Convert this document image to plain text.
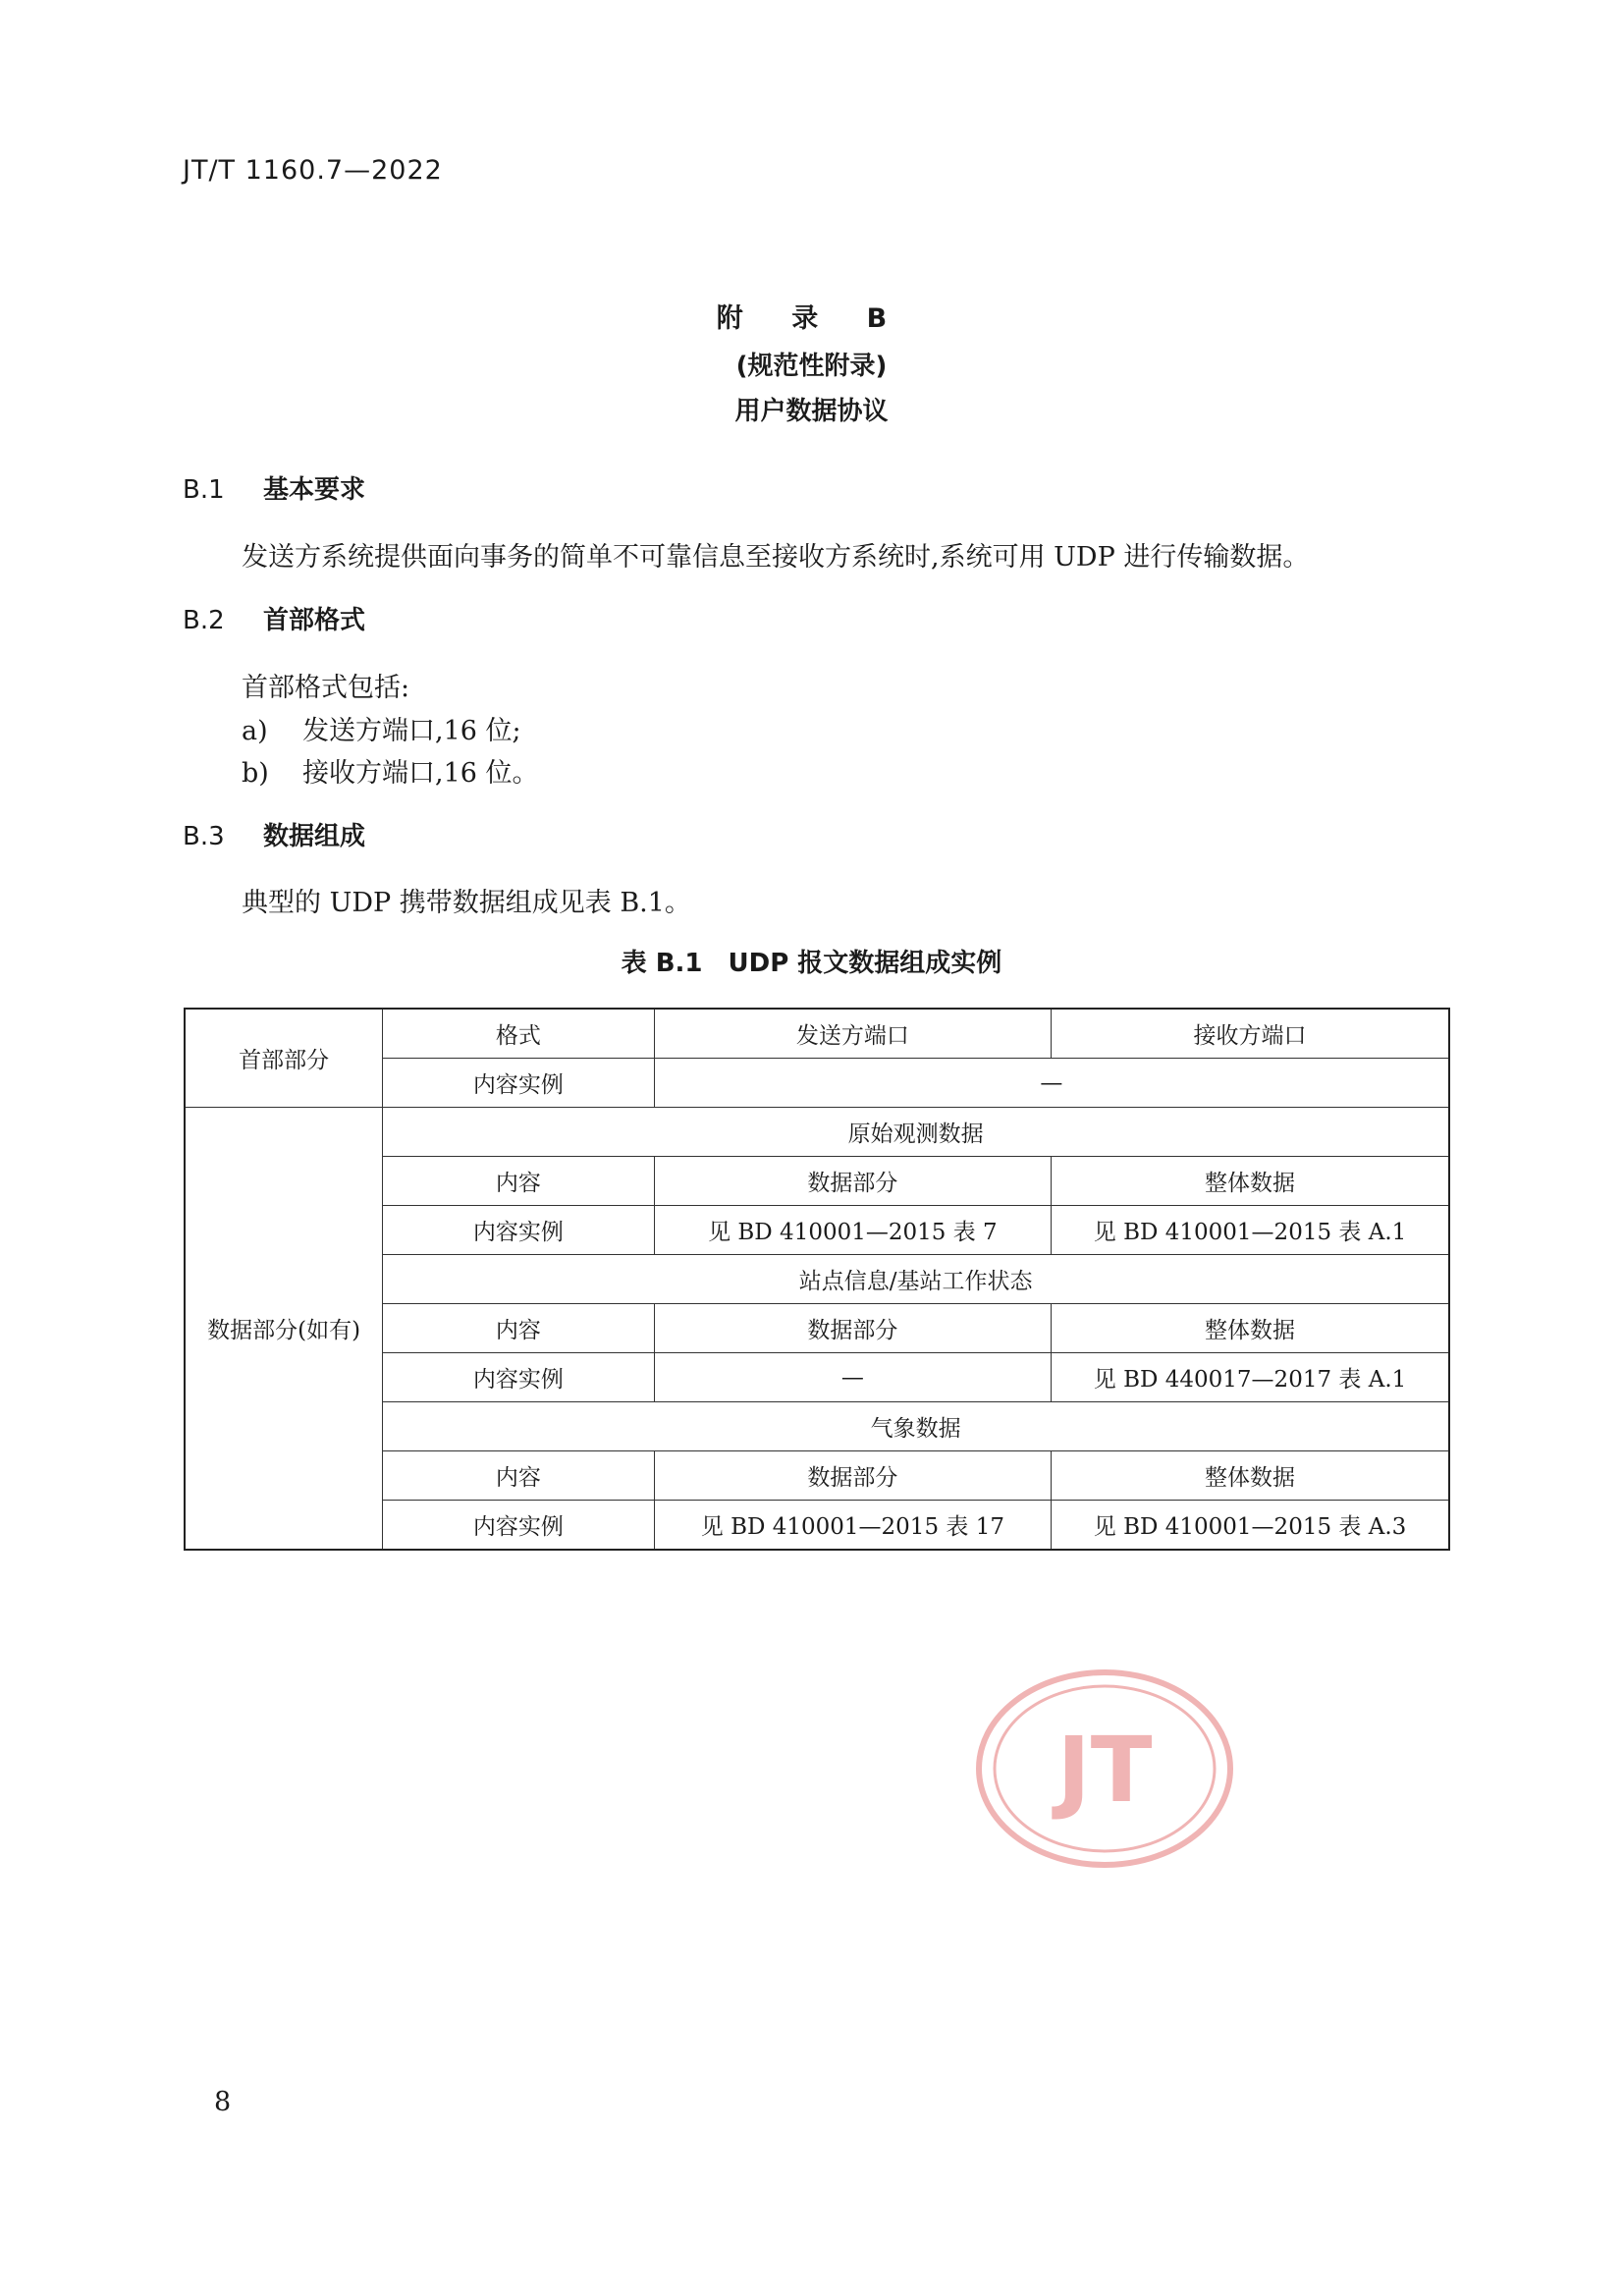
JT/T 1160.7—2022
附 录 B
(规范性附录)
用户数据协议
B.1 基本要求
发送方系统提供面向事务的简单不可靠信息至接收方系统时,系统可用 UDP 进行传输数据。
B.2 首部格式
首部格式包括:
a) 发送方端口,16 位;
b) 接收方端口,16 位。
B.3 数据组成
典型的 UDP 携带数据组成见表 B.1。
表 B.1　UDP 报文数据组成实例
首部部分	格式	发送方端口	接收方端口
	内容实例	—	
数据部分(如有)	原始观测数据		
	内容	数据部分	整体数据
	内容实例	见 BD 410001—2015 表 7	见 BD 410001—2015 表 A.1
	站点信息/基站工作状态		
	内容	数据部分	整体数据
	内容实例	—	见 BD 440017—2017 表 A.1
	气象数据		
	内容	数据部分	整体数据
	内容实例	见 BD 410001—2015 表 17	见 BD 410001—2015 表 A.3
JT
8
